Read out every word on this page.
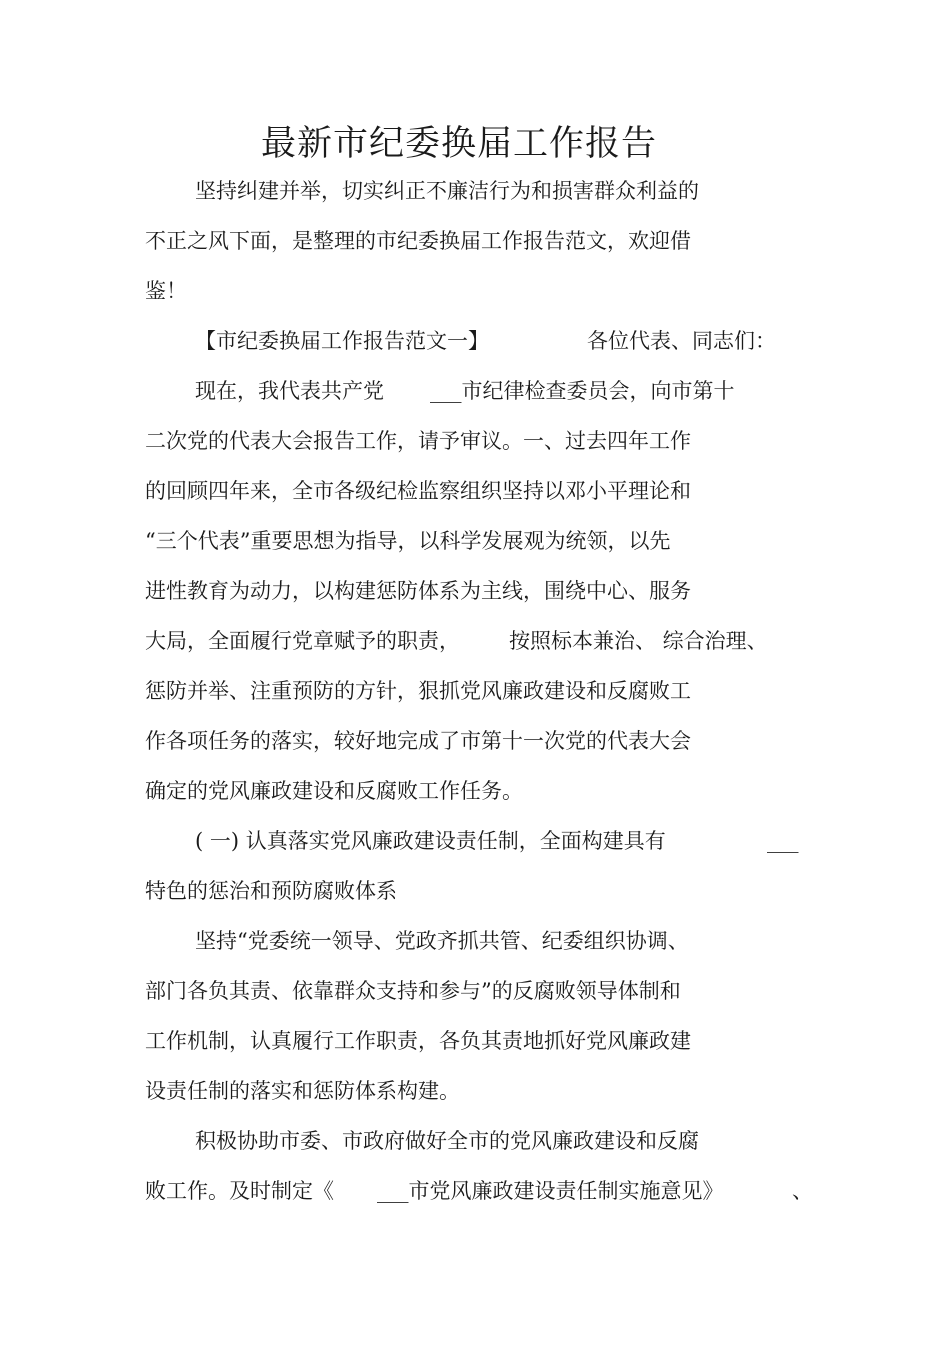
最新市纪委换届工作报告
坚持纠建并举，切实纠正不廉洁行为和损害群众利益的
不正之风下面，是整理的市纪委换届工作报告范文，欢迎借
鉴！
【市纪委换届工作报告范文一】	各位代表、同志们：
现在，我代表共产党 ___市纪律检查委员会，向市第十
二次党的代表大会报告工作，请予审议。一、过去四年工作
的回顾四年来，全市各级纪检监察组织坚持以邓小平理论和
“三个代表”重要思想为指导，以科学发展观为统领，以先
进性教育为动力，以构建惩防体系为主线，围绕中心、服务
大局，全面履行党章赋予的职责， 按照标本兼治、 综合治理、
惩防并举、注重预防的方针，狠抓党风廉政建设和反腐败工
作各项任务的落实，较好地完成了市第十一次党的代表大会
确定的党风廉政建设和反腐败工作任务。
( 一) 认真落实党风廉政建设责任制，全面构建具有	___
特色的惩治和预防腐败体系
坚持“党委统一领导、党政齐抓共管、纪委组织协调、
部门各负其责、依靠群众支持和参与”的反腐败领导体制和
工作机制，认真履行工作职责，各负其责地抓好党风廉政建
设责任制的落实和惩防体系构建。
积极协助市委、市政府做好全市的党风廉政建设和反腐
败工作。及时制定《 ___市党风廉政建设责任制实施意见》	、
